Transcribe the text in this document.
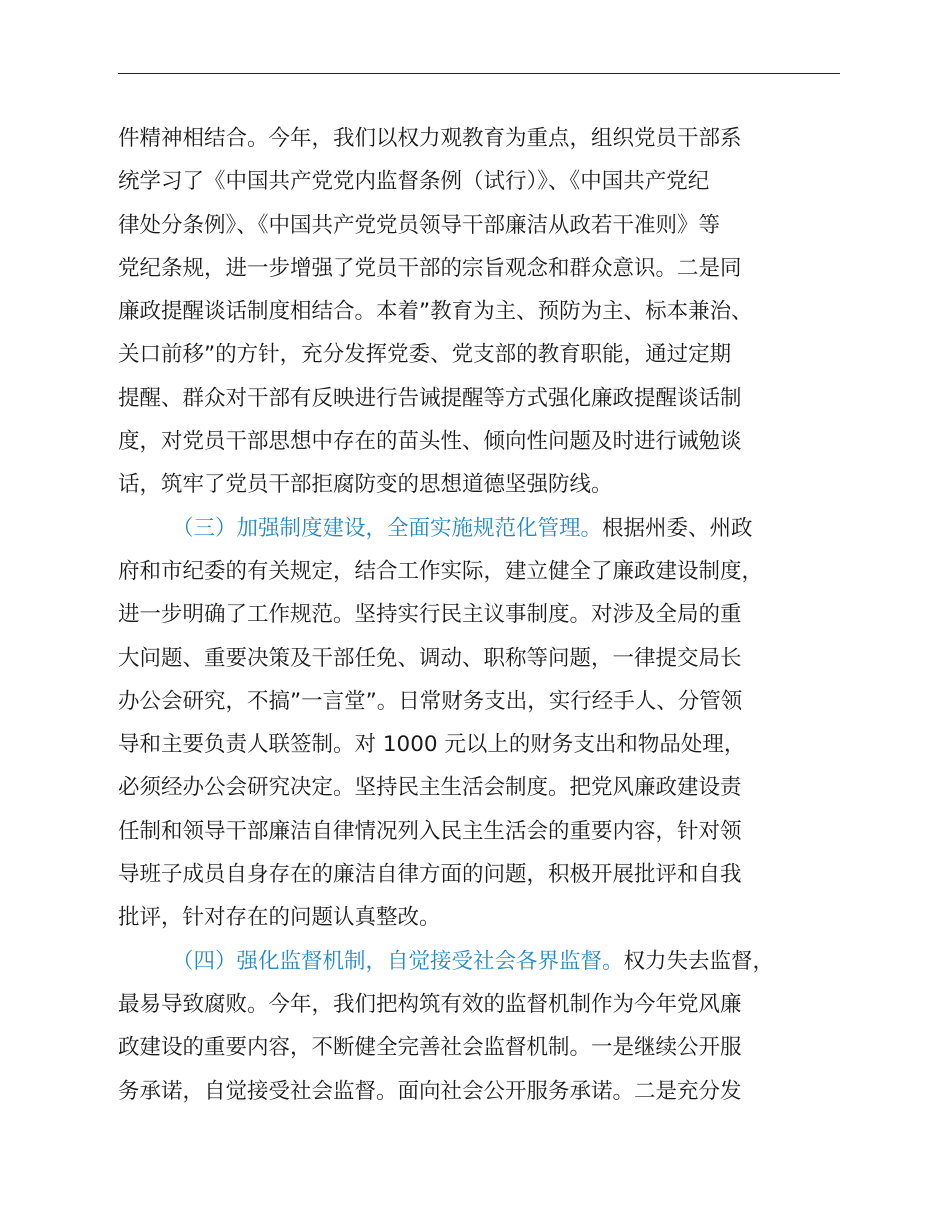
件精神相结合。今年，我们以权力观教育为重点，组织党员干部系
统学习了《中国共产党党内监督条例（试行）》、《中国共产党纪
律处分条例》、《中国共产党党员领导干部廉洁从政若干准则》等
党纪条规，进一步增强了党员干部的宗旨观念和群众意识。二是同
廉政提醒谈话制度相结合。本着”教育为主、预防为主、标本兼治、
关口前移”的方针，充分发挥党委、党支部的教育职能，通过定期
提醒、群众对干部有反映进行告诫提醒等方式强化廉政提醒谈话制
度，对党员干部思想中存在的苗头性、倾向性问题及时进行诫勉谈
话，筑牢了党员干部拒腐防变的思想道德坚强防线。
（三）加强制度建设，全面实施规范化管理。根据州委、州政
府和市纪委的有关规定，结合工作实际，建立健全了廉政建设制度，
进一步明确了工作规范。坚持实行民主议事制度。对涉及全局的重
大问题、重要决策及干部任免、调动、职称等问题，一律提交局长
办公会研究，不搞”一言堂”。日常财务支出，实行经手人、分管领
导和主要负责人联签制。对 1000 元以上的财务支出和物品处理，
必须经办公会研究决定。坚持民主生活会制度。把党风廉政建设责
任制和领导干部廉洁自律情况列入民主生活会的重要内容，针对领
导班子成员自身存在的廉洁自律方面的问题，积极开展批评和自我
批评，针对存在的问题认真整改。
（四）强化监督机制，自觉接受社会各界监督。权力失去监督，
最易导致腐败。今年，我们把构筑有效的监督机制作为今年党风廉
政建设的重要内容，不断健全完善社会监督机制。一是继续公开服
务承诺，自觉接受社会监督。面向社会公开服务承诺。二是充分发
